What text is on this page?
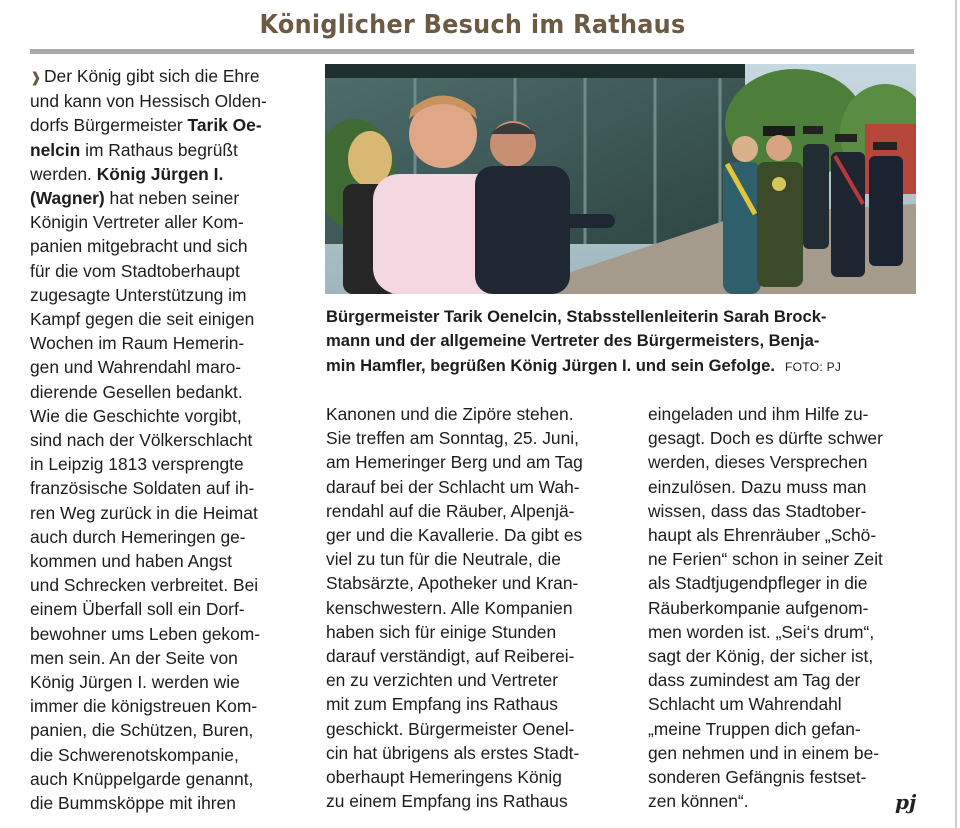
Königlicher Besuch im Rathaus
❱ Der König gibt sich die Ehre
und kann von Hessisch Olden-
dorfs Bürgermeister Tarik Oe-
nelcin im Rathaus begrüßt
werden. König Jürgen I.
(Wagner) hat neben seiner
Königin Vertreter aller Kom-
panien mitgebracht und sich
für die vom Stadtoberhaupt
zugesagte Unterstützung im
Kampf gegen die seit einigen
Wochen im Raum Hemerin-
gen und Wahrendahl maro-
dierende Gesellen bedankt.
Wie die Geschichte vorgibt,
sind nach der Völkerschlacht
in Leipzig 1813 versprengte
französische Soldaten auf ih-
ren Weg zurück in die Heimat
auch durch Hemeringen ge-
kommen und haben Angst
und Schrecken verbreitet. Bei
einem Überfall soll ein Dorf-
bewohner ums Leben gekom-
men sein. An der Seite von
König Jürgen I. werden wie
immer die königstreuen Kom-
panien, die Schützen, Buren,
die Schwerenotskompanie,
auch Knüppelgarde genannt,
die Bummsköppe mit ihren
Bürgermeister Tarik Oenelcin, Stabsstellenleiterin Sarah Brock-
mann und der allgemeine Vertreter des Bürgermeisters, Benja-
min Hamfler, begrüßen König Jürgen I. und sein Gefolge. FOTO: PJ
Kanonen und die Zipöre stehen.
Sie treffen am Sonntag, 25. Juni,
am Hemeringer Berg und am Tag
darauf bei der Schlacht um Wah-
rendahl auf die Räuber, Alpenjä-
ger und die Kavallerie. Da gibt es
viel zu tun für die Neutrale, die
Stabsärzte, Apotheker und Kran-
kenschwestern. Alle Kompanien
haben sich für einige Stunden
darauf verständigt, auf Reiberei-
en zu verzichten und Vertreter
mit zum Empfang ins Rathaus
geschickt. Bürgermeister Oenel-
cin hat übrigens als erstes Stadt-
oberhaupt Hemeringens König
zu einem Empfang ins Rathaus
eingeladen und ihm Hilfe zu-
gesagt. Doch es dürfte schwer
werden, dieses Versprechen
einzulösen. Dazu muss man
wissen, dass das Stadtober-
haupt als Ehrenräuber „Schö-
ne Ferien“ schon in seiner Zeit
als Stadtjugendpfleger in die
Räuberkompanie aufgenom-
men worden ist. „Sei‘s drum“,
sagt der König, der sicher ist,
dass zumindest am Tag der
Schlacht um Wahrendahl
„meine Truppen dich gefan-
gen nehmen und in einem be-
sonderen Gefängnis festset-
zen können“.	pj
